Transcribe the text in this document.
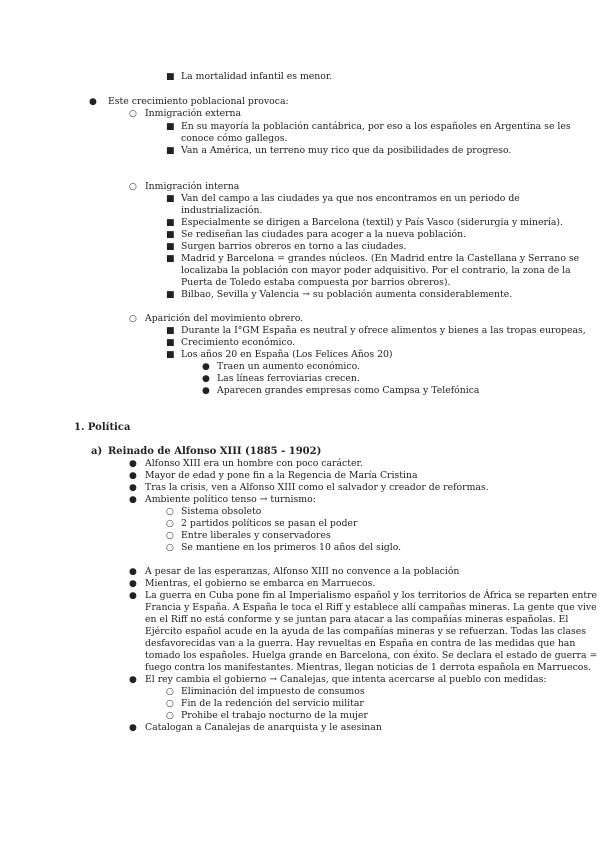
■ La mortalidad infantil es menor.
● Este crecimiento poblacional provoca:
○ Inmigración externa
■ En su mayoría la población cantábrica, por eso a los españoles en Argentina se les
conoce cómo gallegos.
■ Van a América, un terreno muy rico que da posibilidades de progreso.
○ Inmigración interna
■ Van del campo a las ciudades ya que nos encontramos en un periodo de
industrialización.
■ Especialmente se dirigen a Barcelona (textil) y País Vasco (siderurgia y minería).
■ Se rediseñan las ciudades para acoger a la nueva población.
■ Surgen barrios obreros en torno a las ciudades.
■ Madrid y Barcelona = grandes núcleos. (En Madrid entre la Castellana y Serrano se
localizaba la población con mayor poder adquisitivo. Por el contrario, la zona de la
Puerta de Toledo estaba compuesta por barrios obreros).
■ Bilbao, Sevilla y Valencia → su población aumenta considerablemente.
○ Aparición del movimiento obrero.
■ Durante la I°GM España es neutral y ofrece alimentos y bienes a las tropas europeas,
■ Crecimiento económico.
■ Los años 20 en España (Los Felices Años 20)
● Traen un aumento económico.
● Las líneas ferroviarias crecen.
● Aparecen grandes empresas como Campsa y Telefónica
1. Política
a) Reinado de Alfonso XIII (1885 - 1902)
● Alfonso XIII era un hombre con poco carácter.
● Mayor de edad y pone fin a la Regencia de María Cristina
● Tras la crisis, ven a Alfonso XIII como el salvador y creador de reformas.
● Ambiente político tenso → turnismo:
○ Sistema obsoleto
○ 2 partidos políticos se pasan el poder
○ Entre liberales y conservadores
○ Se mantiene en los primeros 10 años del siglo.
● A pesar de las esperanzas, Alfonso XIII no convence a la población
● Mientras, el gobierno se embarca en Marruecos.
● La guerra en Cuba pone fin al Imperialismo español y los territorios de África se reparten entre
Francia y España. A España le toca el Riff y establece allí campañas mineras. La gente que vive
en el Riff no está conforme y se juntan para atacar a las compañías mineras españolas. El
Ejército español acude en la ayuda de las compañías mineras y se refuerzan. Todas las clases
desfavorecidas van a la guerra. Hay revueltas en España en contra de las medidas que han
tomado los españoles. Huelga grande en Barcelona, con éxito. Se declara el estado de guerra =
fuego contra los manifestantes. Mientras, llegan noticias de 1 derrota española en Marruecos.
● El rey cambia el gobierno → Canalejas, que intenta acercarse al pueblo con medidas:
○ Eliminación del impuesto de consumos
○ Fin de la redención del servicio militar
○ Prohibe el trabajo nocturno de la mujer
● Catalogan a Canalejas de anarquista y le asesinan
